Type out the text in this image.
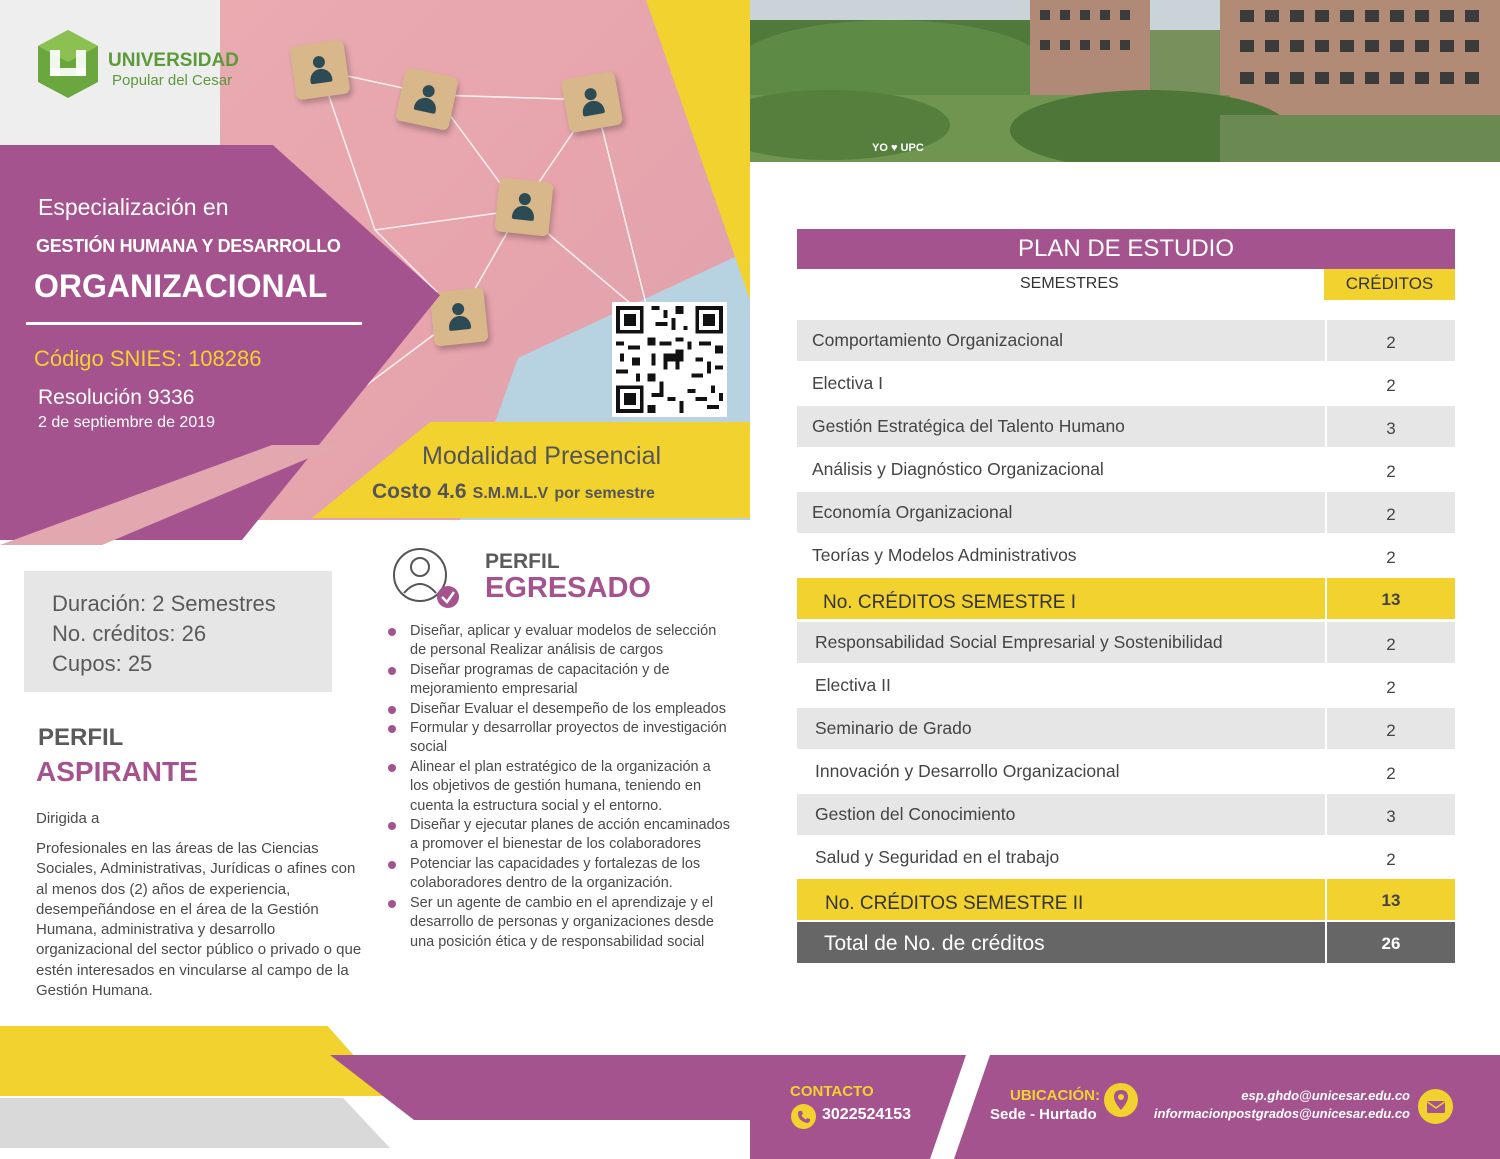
UNIVERSIDAD
Popular del Cesar
Especialización en
GESTIÓN HUMANA Y DESARROLLO
ORGANIZACIONAL
Código SNIES: 108286
Resolución 9336
2 de septiembre de 2019
Modalidad Presencial
Costo 4.6 S.M.M.L.V por semestre
Duración: 2 Semestres
No. créditos: 26
Cupos: 25
PERFIL
ASPIRANTE
Dirigida a
Profesionales en las áreas de las Ciencias Sociales, Administrativas, Jurídicas o afines con al menos dos (2) años de experiencia, desempeñándose en el área de la Gestión Humana, administrativa y desarrollo organizacional del sector público o privado o que estén interesados en vincularse al campo de la Gestión Humana.
PERFIL
EGRESADO
Diseñar, aplicar y evaluar modelos de selección de personal Realizar análisis de cargos
Diseñar programas de capacitación y de mejoramiento empresarial
Diseñar Evaluar el desempeño de los empleados
Formular y desarrollar proyectos de investigación social
Alinear el plan estratégico de la organización a los objetivos de gestión humana, teniendo en cuenta la estructura social y el entorno.
Diseñar y ejecutar planes de acción encaminados a promover el bienestar de los colaboradores
Potenciar las capacidades y fortalezas de los colaboradores dentro de la organización.
Ser un agente de cambio en el aprendizaje y el desarrollo de personas y organizaciones desde una posición ética y de responsabilidad social
YO ♥ UPC
PLAN DE ESTUDIO
SEMESTRES	CRÉDITOS
Comportamiento Organizacional	2
Electiva I	2
Gestión Estratégica del Talento Humano	3
Análisis y Diagnóstico Organizacional	2
Economía Organizacional	2
Teorías y Modelos Administrativos	2
No. CRÉDITOS SEMESTRE I	13
Responsabilidad Social Empresarial y Sostenibilidad	2
Electiva II	2
Seminario de Grado	2
Innovación y Desarrollo Organizacional	2
Gestion del Conocimiento	3
Salud y Seguridad en el trabajo	2
No. CRÉDITOS SEMESTRE II	13
Total de No. de créditos	26
CONTACTO
3022524153
UBICACIÓN:
Sede - Hurtado
esp.ghdo@unicesar.edu.co
informacionpostgrados@unicesar.edu.co
